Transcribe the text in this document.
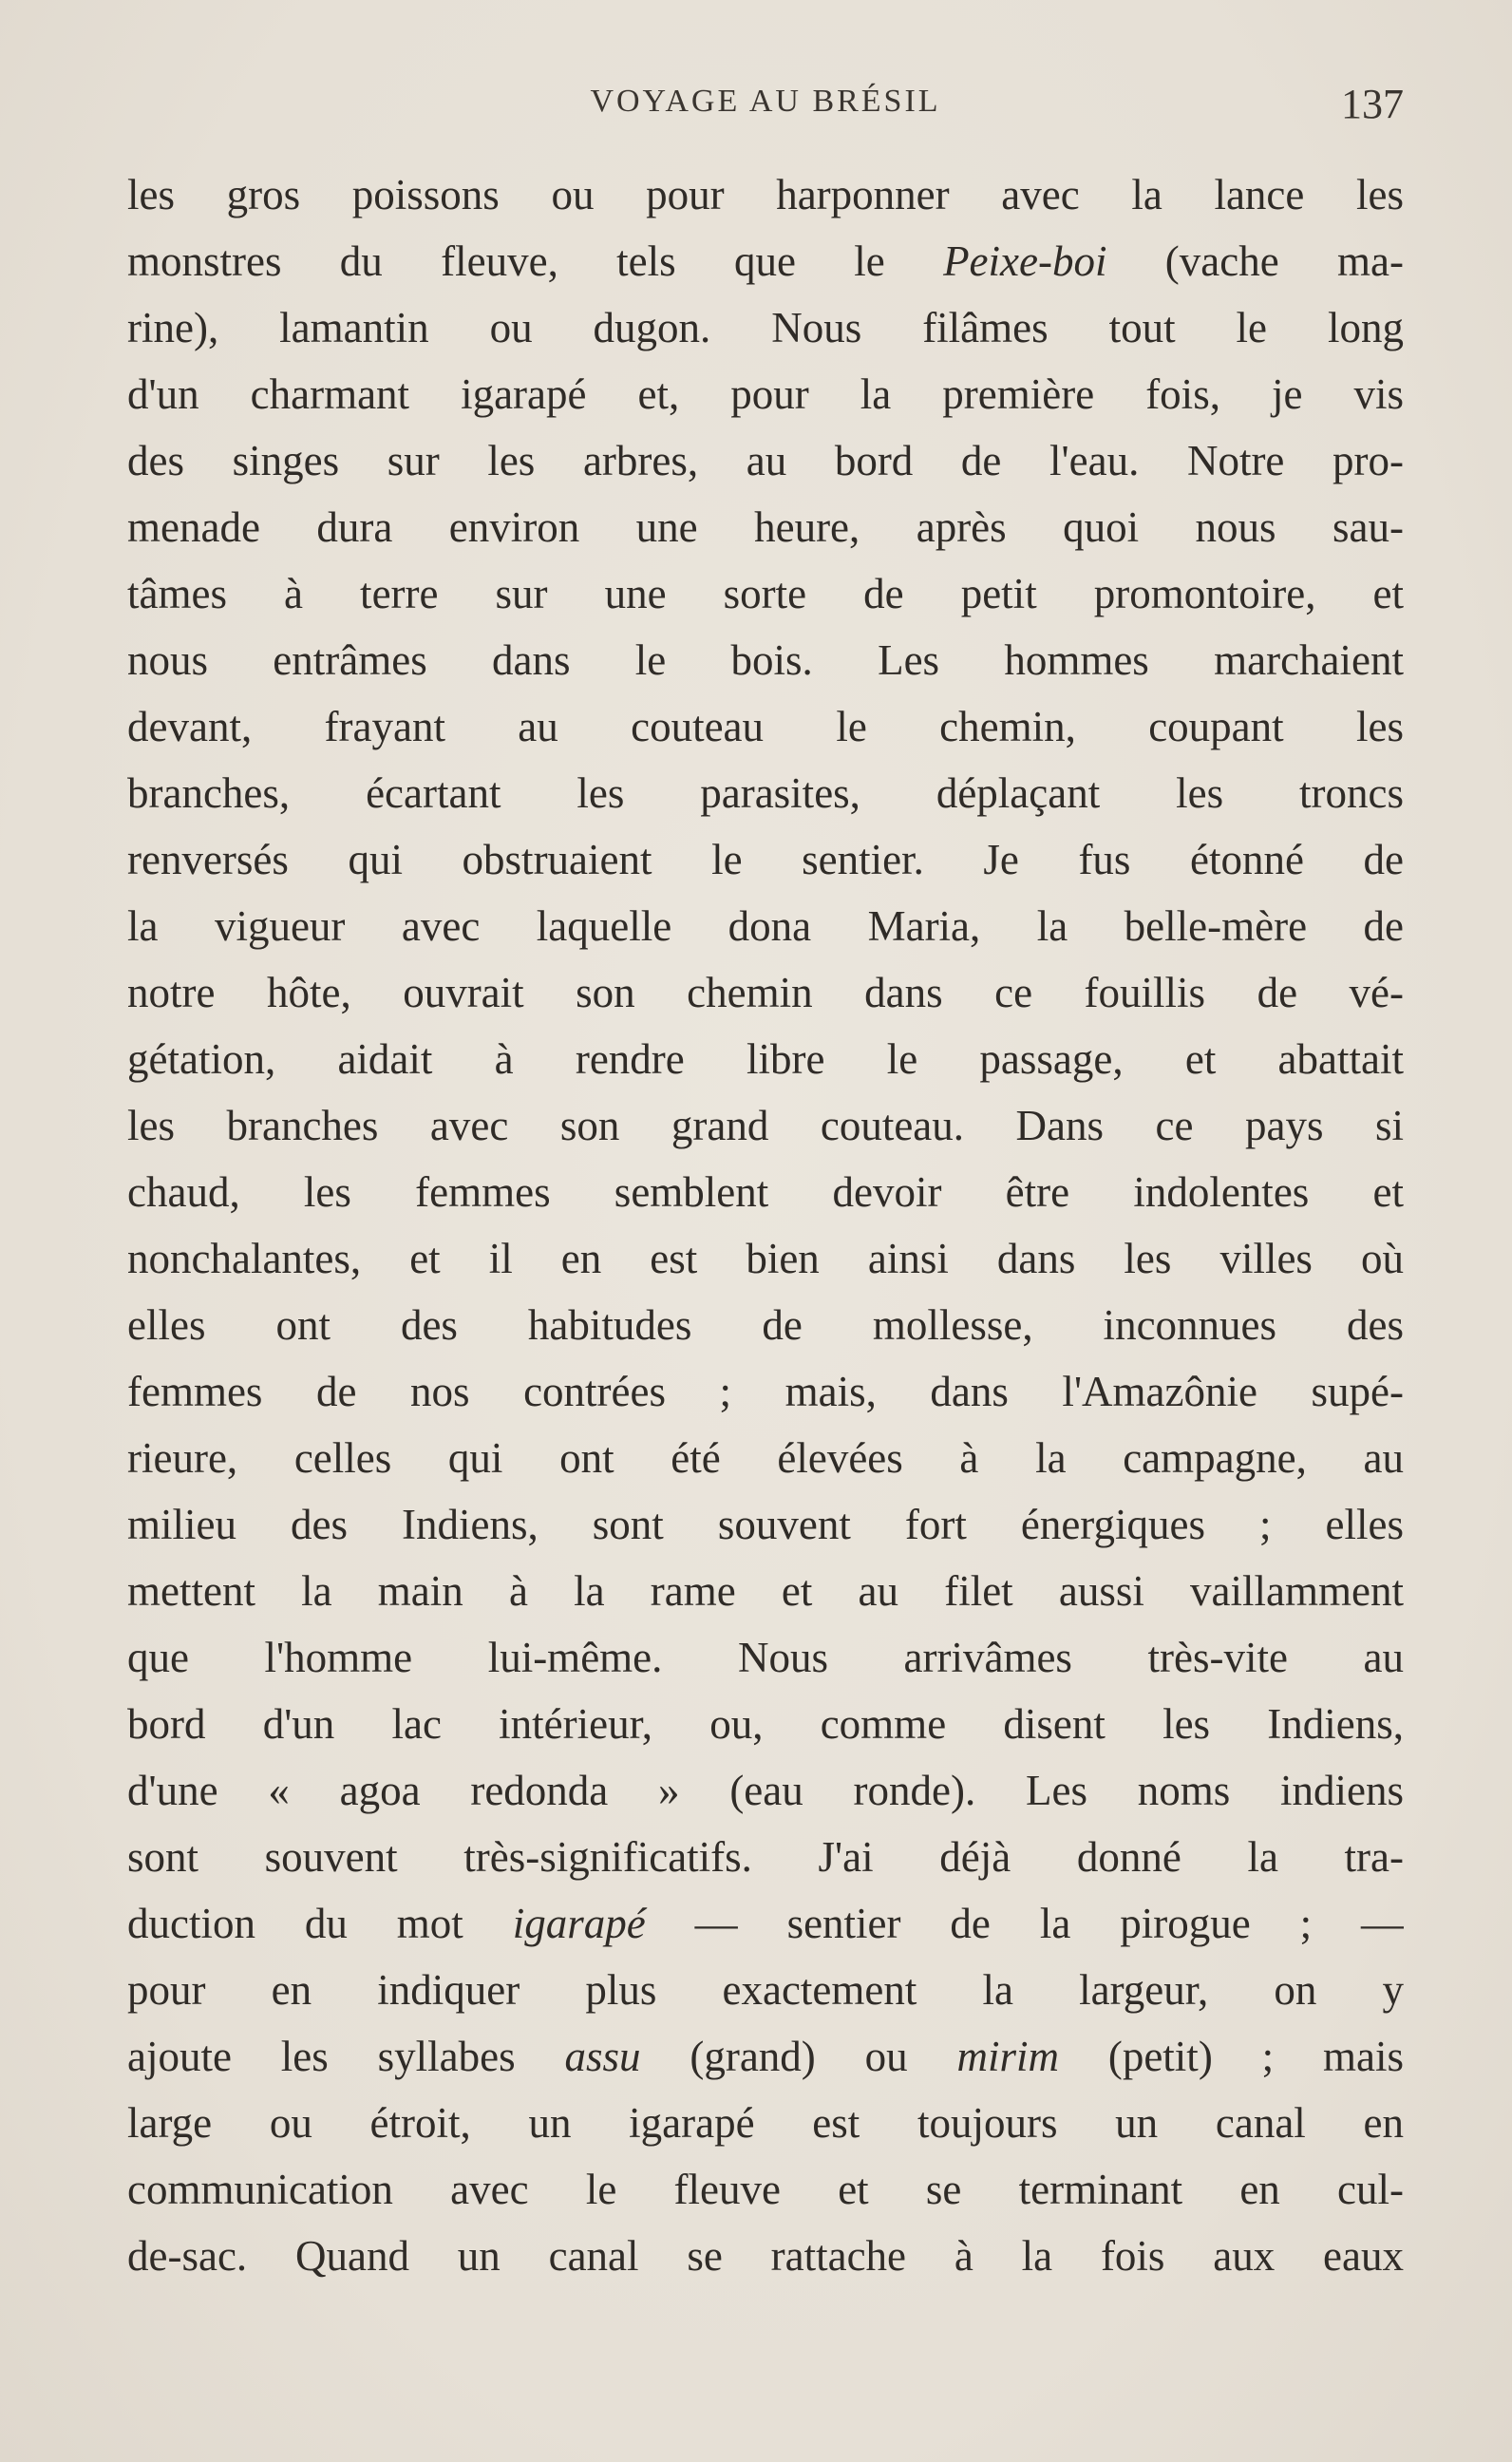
VOYAGE AU BRÉSIL	137
les gros poissons ou pour harponner avec la lance les
monstres du fleuve, tels que le Peixe-boi (vache ma-
rine), lamantin ou dugon. Nous filâmes tout le long
d'un charmant igarapé et, pour la première fois, je vis
des singes sur les arbres, au bord de l'eau. Notre pro-
menade dura environ une heure, après quoi nous sau-
tâmes à terre sur une sorte de petit promontoire, et
nous entrâmes dans le bois. Les hommes marchaient
devant, frayant au couteau le chemin, coupant les
branches, écartant les parasites, déplaçant les troncs
renversés qui obstruaient le sentier. Je fus étonné de
la vigueur avec laquelle dona Maria, la belle-mère de
notre hôte, ouvrait son chemin dans ce fouillis de vé-
gétation, aidait à rendre libre le passage, et abattait
les branches avec son grand couteau. Dans ce pays si
chaud, les femmes semblent devoir être indolentes et
nonchalantes, et il en est bien ainsi dans les villes où
elles ont des habitudes de mollesse, inconnues des
femmes de nos contrées ; mais, dans l'Amazônie supé-
rieure, celles qui ont été élevées à la campagne, au
milieu des Indiens, sont souvent fort énergiques ; elles
mettent la main à la rame et au filet aussi vaillamment
que l'homme lui-même. Nous arrivâmes très-vite au
bord d'un lac intérieur, ou, comme disent les Indiens,
d'une « agoa redonda » (eau ronde). Les noms indiens
sont souvent très-significatifs. J'ai déjà donné la tra-
duction du mot igarapé — sentier de la pirogue ; —
pour en indiquer plus exactement la largeur, on y
ajoute les syllabes assu (grand) ou mirim (petit) ; mais
large ou étroit, un igarapé est toujours un canal en
communication avec le fleuve et se terminant en cul-
de-sac. Quand un canal se rattache à la fois aux eaux
